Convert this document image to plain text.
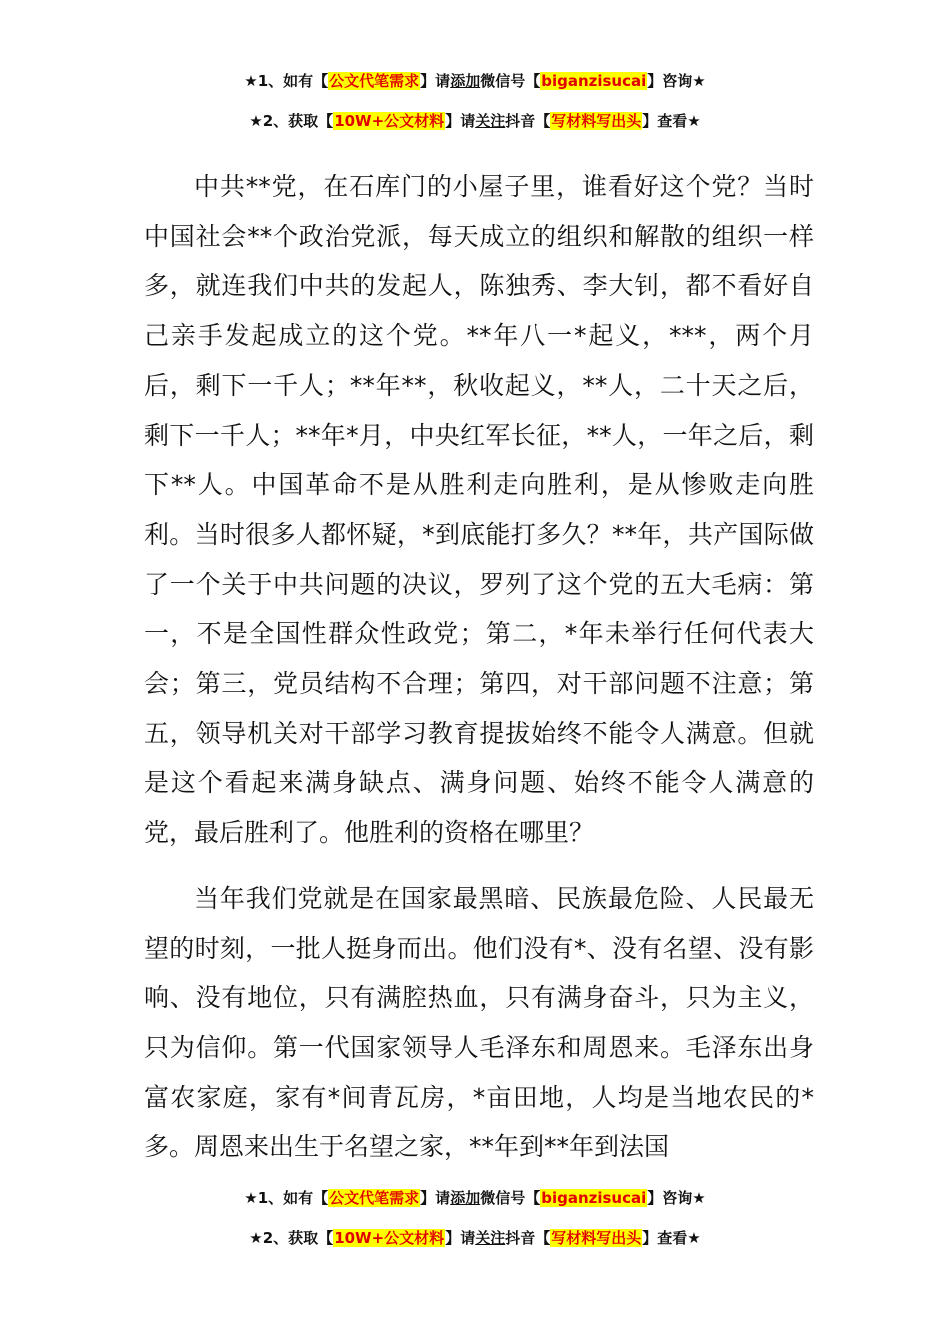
★1、如有【公文代笔需求】请添加微信号【biganzisucai】咨询★
★2、获取【10W+公文材料】请关注抖音【写材料写出头】查看★

中共**党，在石库门的小屋子里，谁看好这个党？当时中国社会**个政治党派，每天成立的组织和解散的组织一样多，就连我们中共的发起人，陈独秀、李大钊，都不看好自己亲手发起成立的这个党。**年八一*起义，***，两个月后，剩下一千人；**年**，秋收起义，**人，二十天之后，剩下一千人；**年*月，中央红军长征，**人，一年之后，剩下**人。中国革命不是从胜利走向胜利，是从惨败走向胜利。当时很多人都怀疑，*到底能打多久？**年，共产国际做了一个关于中共问题的决议，罗列了这个党的五大毛病：第一，不是全国性群众性政党；第二，*年未举行任何代表大会；第三，党员结构不合理；第四，对干部问题不注意；第五，领导机关对干部学习教育提拔始终不能令人满意。但就是这个看起来满身缺点、满身问题、始终不能令人满意的党，最后胜利了。他胜利的资格在哪里？

当年我们党就是在国家最黑暗、民族最危险、人民最无望的时刻，一批人挺身而出。他们没有*、没有名望、没有影响、没有地位，只有满腔热血，只有满身奋斗，只为主义，只为信仰。第一代国家领导人毛泽东和周恩来。毛泽东出身富农家庭，家有*间青瓦房，*亩田地，人均是当地农民的*多。周恩来出生于名望之家，**年到**年到法国

★1、如有【公文代笔需求】请添加微信号【biganzisucai】咨询★
★2、获取【10W+公文材料】请关注抖音【写材料写出头】查看★
